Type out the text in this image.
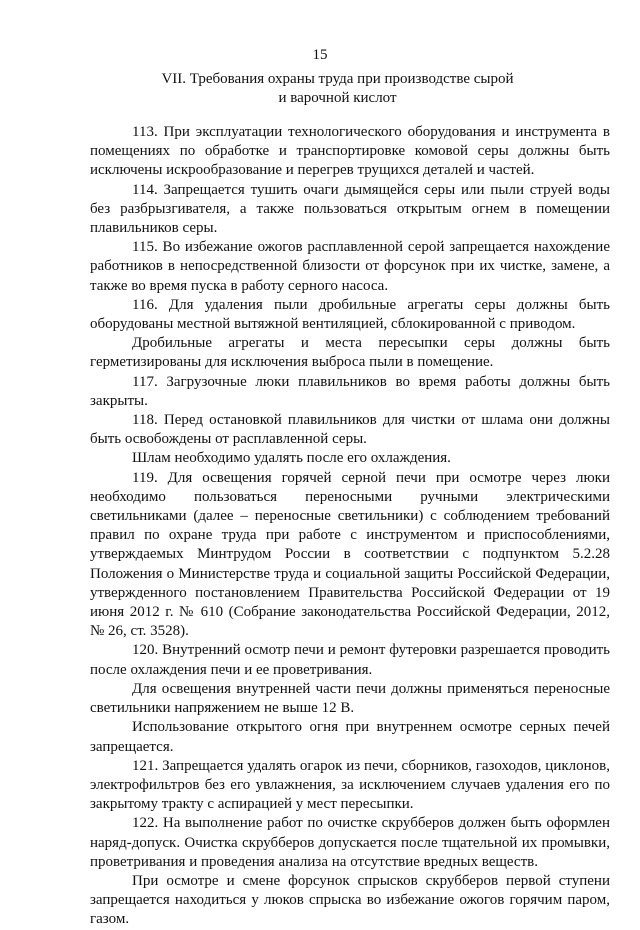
15

VII. Требования охраны труда при производстве сырой
и варочной кислот

113. При эксплуатации технологического оборудования и инструмента в помещениях по обработке и транспортировке комовой серы должны быть исключены искрообразование и перегрев трущихся деталей и частей.

114. Запрещается тушить очаги дымящейся серы или пыли струей воды без разбрызгивателя, а также пользоваться открытым огнем в помещении плавильников серы.

115. Во избежание ожогов расплавленной серой запрещается нахождение работников в непосредственной близости от форсунок при их чистке, замене, а также во время пуска в работу серного насоса.

116. Для удаления пыли дробильные агрегаты серы должны быть оборудованы местной вытяжной вентиляцией, сблокированной с приводом.

Дробильные агрегаты и места пересыпки серы должны быть герметизированы для исключения выброса пыли в помещение.

117. Загрузочные люки плавильников во время работы должны быть закрыты.

118. Перед остановкой плавильников для чистки от шлама они должны быть освобождены от расплавленной серы.

Шлам необходимо удалять после его охлаждения.

119. Для освещения горячей серной печи при осмотре через люки необходимо пользоваться переносными ручными электрическими светильниками (далее – переносные светильники) с соблюдением требований правил по охране труда при работе с инструментом и приспособлениями, утверждаемых Минтрудом России в соответствии с подпунктом 5.2.28 Положения о Министерстве труда и социальной защиты Российской Федерации, утвержденного постановлением Правительства Российской Федерации от 19 июня 2012 г. № 610 (Собрание законодательства Российской Федерации, 2012, № 26, ст. 3528).

120. Внутренний осмотр печи и ремонт футеровки разрешается проводить после охлаждения печи и ее проветривания.

Для освещения внутренней части печи должны применяться переносные светильники напряжением не выше 12 В.

Использование открытого огня при внутреннем осмотре серных печей запрещается.

121. Запрещается удалять огарок из печи, сборников, газоходов, циклонов, электрофильтров без его увлажнения, за исключением случаев удаления его по закрытому тракту с аспирацией у мест пересыпки.

122. На выполнение работ по очистке скрубберов должен быть оформлен наряд-допуск. Очистка скрубберов допускается после тщательной их промывки, проветривания и проведения анализа на отсутствие вредных веществ.

При осмотре и смене форсунок спрысков скрубберов первой ступени запрещается находиться у люков спрыска во избежание ожогов горячим паром, газом.
